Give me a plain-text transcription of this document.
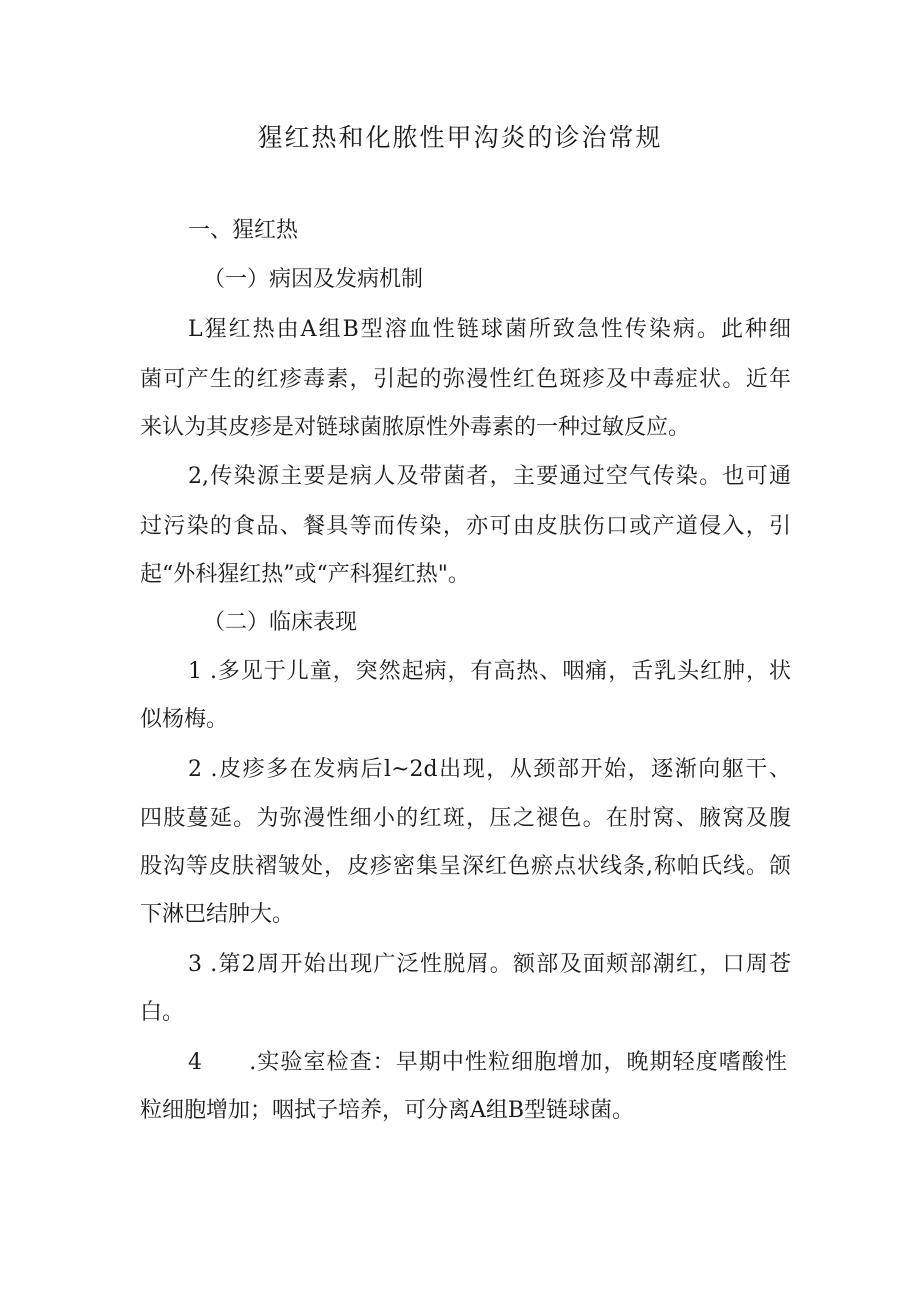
猩红热和化脓性甲沟炎的诊治常规
一、猩红热
（一）病因及发病机制
L猩红热由A组B型溶血性链球菌所致急性传染病。此种细
菌可产生的红疹毒素，引起的弥漫性红色斑疹及中毒症状。近年
来认为其皮疹是对链球菌脓原性外毒素的一种过敏反应。
2,传染源主要是病人及带菌者，主要通过空气传染。也可通
过污染的食品、餐具等而传染，亦可由皮肤伤口或产道侵入，引
起“外科猩红热”或“产科猩红热"。
（二）临床表现
1 .多见于儿童，突然起病，有高热、咽痛，舌乳头红肿，状
似杨梅。
2 .皮疹多在发病后l~2d出现，从颈部开始，逐渐向躯干、
四肢蔓延。为弥漫性细小的红斑，压之褪色。在肘窝、腋窝及腹
股沟等皮肤褶皱处，皮疹密集呈深红色瘀点状线条,称帕氏线。颌
下淋巴结肿大。
3 .第2周开始出现广泛性脱屑。额部及面颊部潮红，口周苍
白。
4　　.实验室检查：早期中性粒细胞增加，晚期轻度嗜酸性
粒细胞增加；咽拭子培养，可分离A组B型链球菌。
